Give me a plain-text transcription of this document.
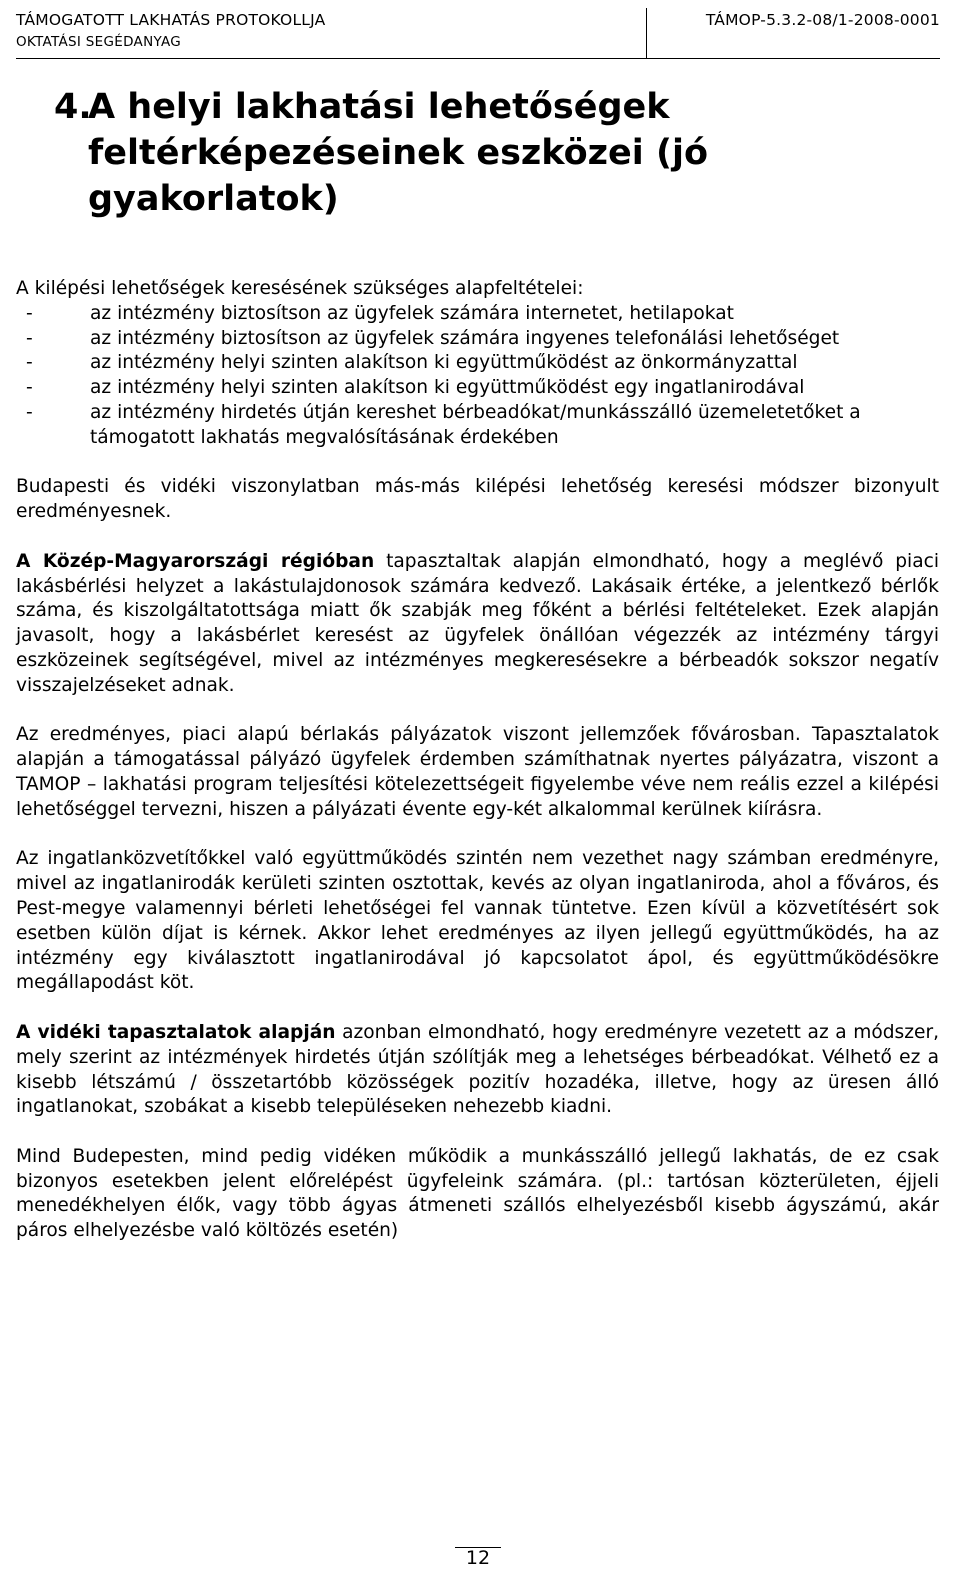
TÁMOGATOTT LAKHATÁS PROTOKOLLJA
OKTATÁSI SEGÉDANYAG
TÁMOP-5.3.2-08/1-2008-0001
4.
A helyi lakhatási lehetőségek feltérképezéseinek eszközei (jó gyakorlatok)

A kilépési lehetőségek keresésének szükséges alapfeltételei:

-	az intézmény biztosítson az ügyfelek számára internetet, hetilapokat
-	az intézmény biztosítson az ügyfelek számára ingyenes telefonálási lehetőséget
-	az intézmény helyi szinten alakítson ki együttműködést az önkormányzattal
-	az intézmény helyi szinten alakítson ki együttműködést egy ingatlanirodával
-	az intézmény hirdetés útján kereshet bérbeadókat/munkásszálló üzemeletetőket a támogatott lakhatás megvalósításának érdekében

Budapesti és vidéki viszonylatban más-más kilépési lehetőség keresési módszer bizonyult eredményesnek.

A Közép-Magyarországi régióban tapasztaltak alapján elmondható, hogy a meglévő piaci lakásbérlési helyzet a lakástulajdonosok számára kedvező. Lakásaik értéke, a jelentkező bérlők száma, és kiszolgáltatottsága miatt ők szabják meg főként a bérlési feltételeket. Ezek alapján javasolt, hogy a lakásbérlet keresést az ügyfelek önállóan végezzék az intézmény tárgyi eszközeinek segítségével, mivel az intézményes megkeresésekre a bérbeadók sokszor negatív visszajelzéseket adnak.

Az eredményes, piaci alapú bérlakás pályázatok viszont jellemzőek fővárosban. Tapasztalatok alapján a támogatással pályázó ügyfelek érdemben számíthatnak nyertes pályázatra, viszont a TAMOP – lakhatási program teljesítési kötelezettségeit figyelembe véve nem reális ezzel a kilépési lehetőséggel tervezni, hiszen a pályázati évente egy-két alkalommal kerülnek kiírásra.

Az ingatlanközvetítőkkel való együttműködés szintén nem vezethet nagy számban eredményre, mivel az ingatlanirodák kerületi szinten osztottak, kevés az olyan ingatlaniroda, ahol a főváros, és Pest-megye valamennyi bérleti lehetőségei fel vannak tüntetve. Ezen kívül a közvetítésért sok esetben külön díjat is kérnek. Akkor lehet eredményes az ilyen jellegű együttműködés, ha az intézmény egy kiválasztott ingatlanirodával jó kapcsolatot ápol, és együttműködésökre megállapodást köt.

A vidéki tapasztalatok alapján azonban elmondható, hogy eredményre vezetett az a módszer, mely szerint az intézmények hirdetés útján szólítják meg a lehetséges bérbeadókat. Vélhető ez a kisebb létszámú / összetartóbb közösségek pozitív hozadéka, illetve, hogy az üresen álló ingatlanokat, szobákat a kisebb településeken nehezebb kiadni.

Mind Budepesten, mind pedig vidéken működik a munkásszálló jellegű lakhatás, de ez csak bizonyos esetekben jelent előrelépést ügyfeleink számára. (pl.: tartósan közterületen, éjjeli menedékhelyen élők, vagy több ágyas átmeneti szállós elhelyezésből kisebb ágyszámú, akár páros elhelyezésbe való költözés esetén)

12
